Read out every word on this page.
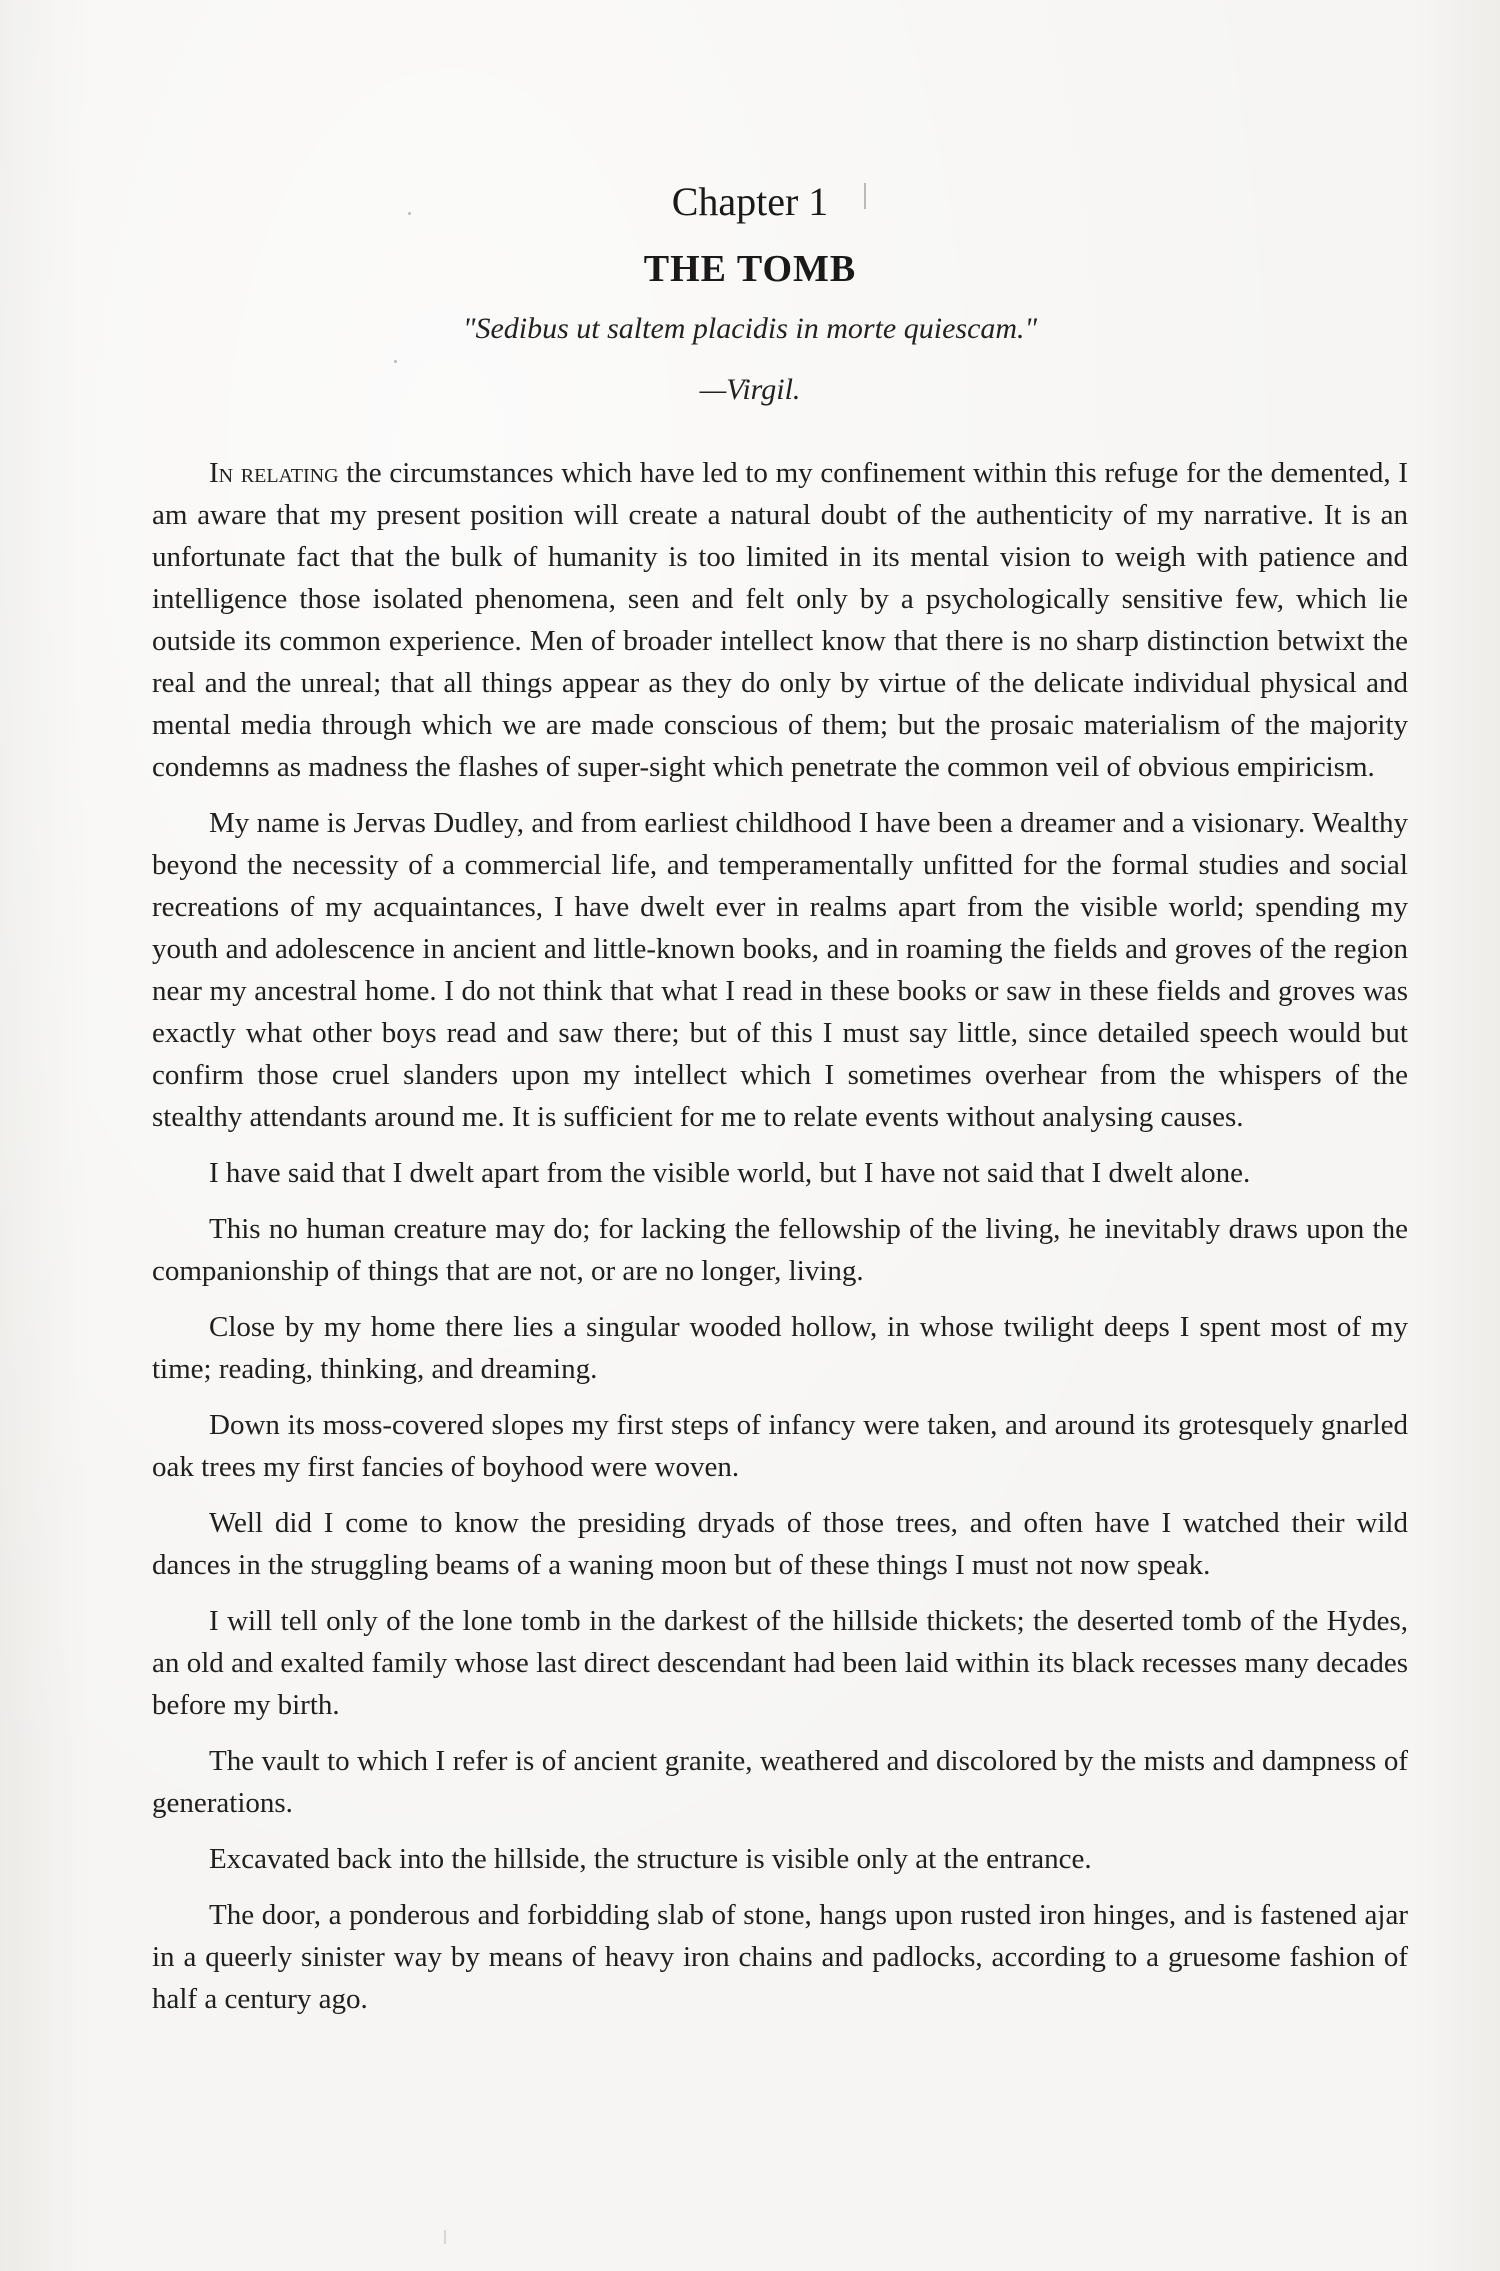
Chapter 1
THE TOMB
"Sedibus ut saltem placidis in morte quiescam."
—Virgil.

In relating the circumstances which have led to my confinement within this refuge for the demented, I am aware that my present position will create a natural doubt of the authenticity of my narrative. It is an unfortunate fact that the bulk of humanity is too limited in its mental vision to weigh with patience and intelligence those isolated phenomena, seen and felt only by a psychologically sensitive few, which lie outside its common experience. Men of broader intellect know that there is no sharp distinction betwixt the real and the unreal; that all things appear as they do only by virtue of the delicate individual physical and mental media through which we are made conscious of them; but the prosaic materialism of the majority condemns as madness the flashes of super-sight which penetrate the common veil of obvious empiricism.

My name is Jervas Dudley, and from earliest childhood I have been a dreamer and a visionary. Wealthy beyond the necessity of a commercial life, and temperamentally unfitted for the formal studies and social recreations of my acquaintances, I have dwelt ever in realms apart from the visible world; spending my youth and adolescence in ancient and little-known books, and in roaming the fields and groves of the region near my ancestral home. I do not think that what I read in these books or saw in these fields and groves was exactly what other boys read and saw there; but of this I must say little, since detailed speech would but confirm those cruel slanders upon my intellect which I sometimes overhear from the whispers of the stealthy attendants around me. It is sufficient for me to relate events without analysing causes.

I have said that I dwelt apart from the visible world, but I have not said that I dwelt alone.

This no human creature may do; for lacking the fellowship of the living, he inevitably draws upon the companionship of things that are not, or are no longer, living.

Close by my home there lies a singular wooded hollow, in whose twilight deeps I spent most of my time; reading, thinking, and dreaming.

Down its moss-covered slopes my first steps of infancy were taken, and around its grotesquely gnarled oak trees my first fancies of boyhood were woven.

Well did I come to know the presiding dryads of those trees, and often have I watched their wild dances in the struggling beams of a waning moon but of these things I must not now speak.

I will tell only of the lone tomb in the darkest of the hillside thickets; the deserted tomb of the Hydes, an old and exalted family whose last direct descendant had been laid within its black recesses many decades before my birth.

The vault to which I refer is of ancient granite, weathered and discolored by the mists and dampness of generations.

Excavated back into the hillside, the structure is visible only at the entrance.

The door, a ponderous and forbidding slab of stone, hangs upon rusted iron hinges, and is fastened ajar in a queerly sinister way by means of heavy iron chains and padlocks, according to a gruesome fashion of half a century ago.
